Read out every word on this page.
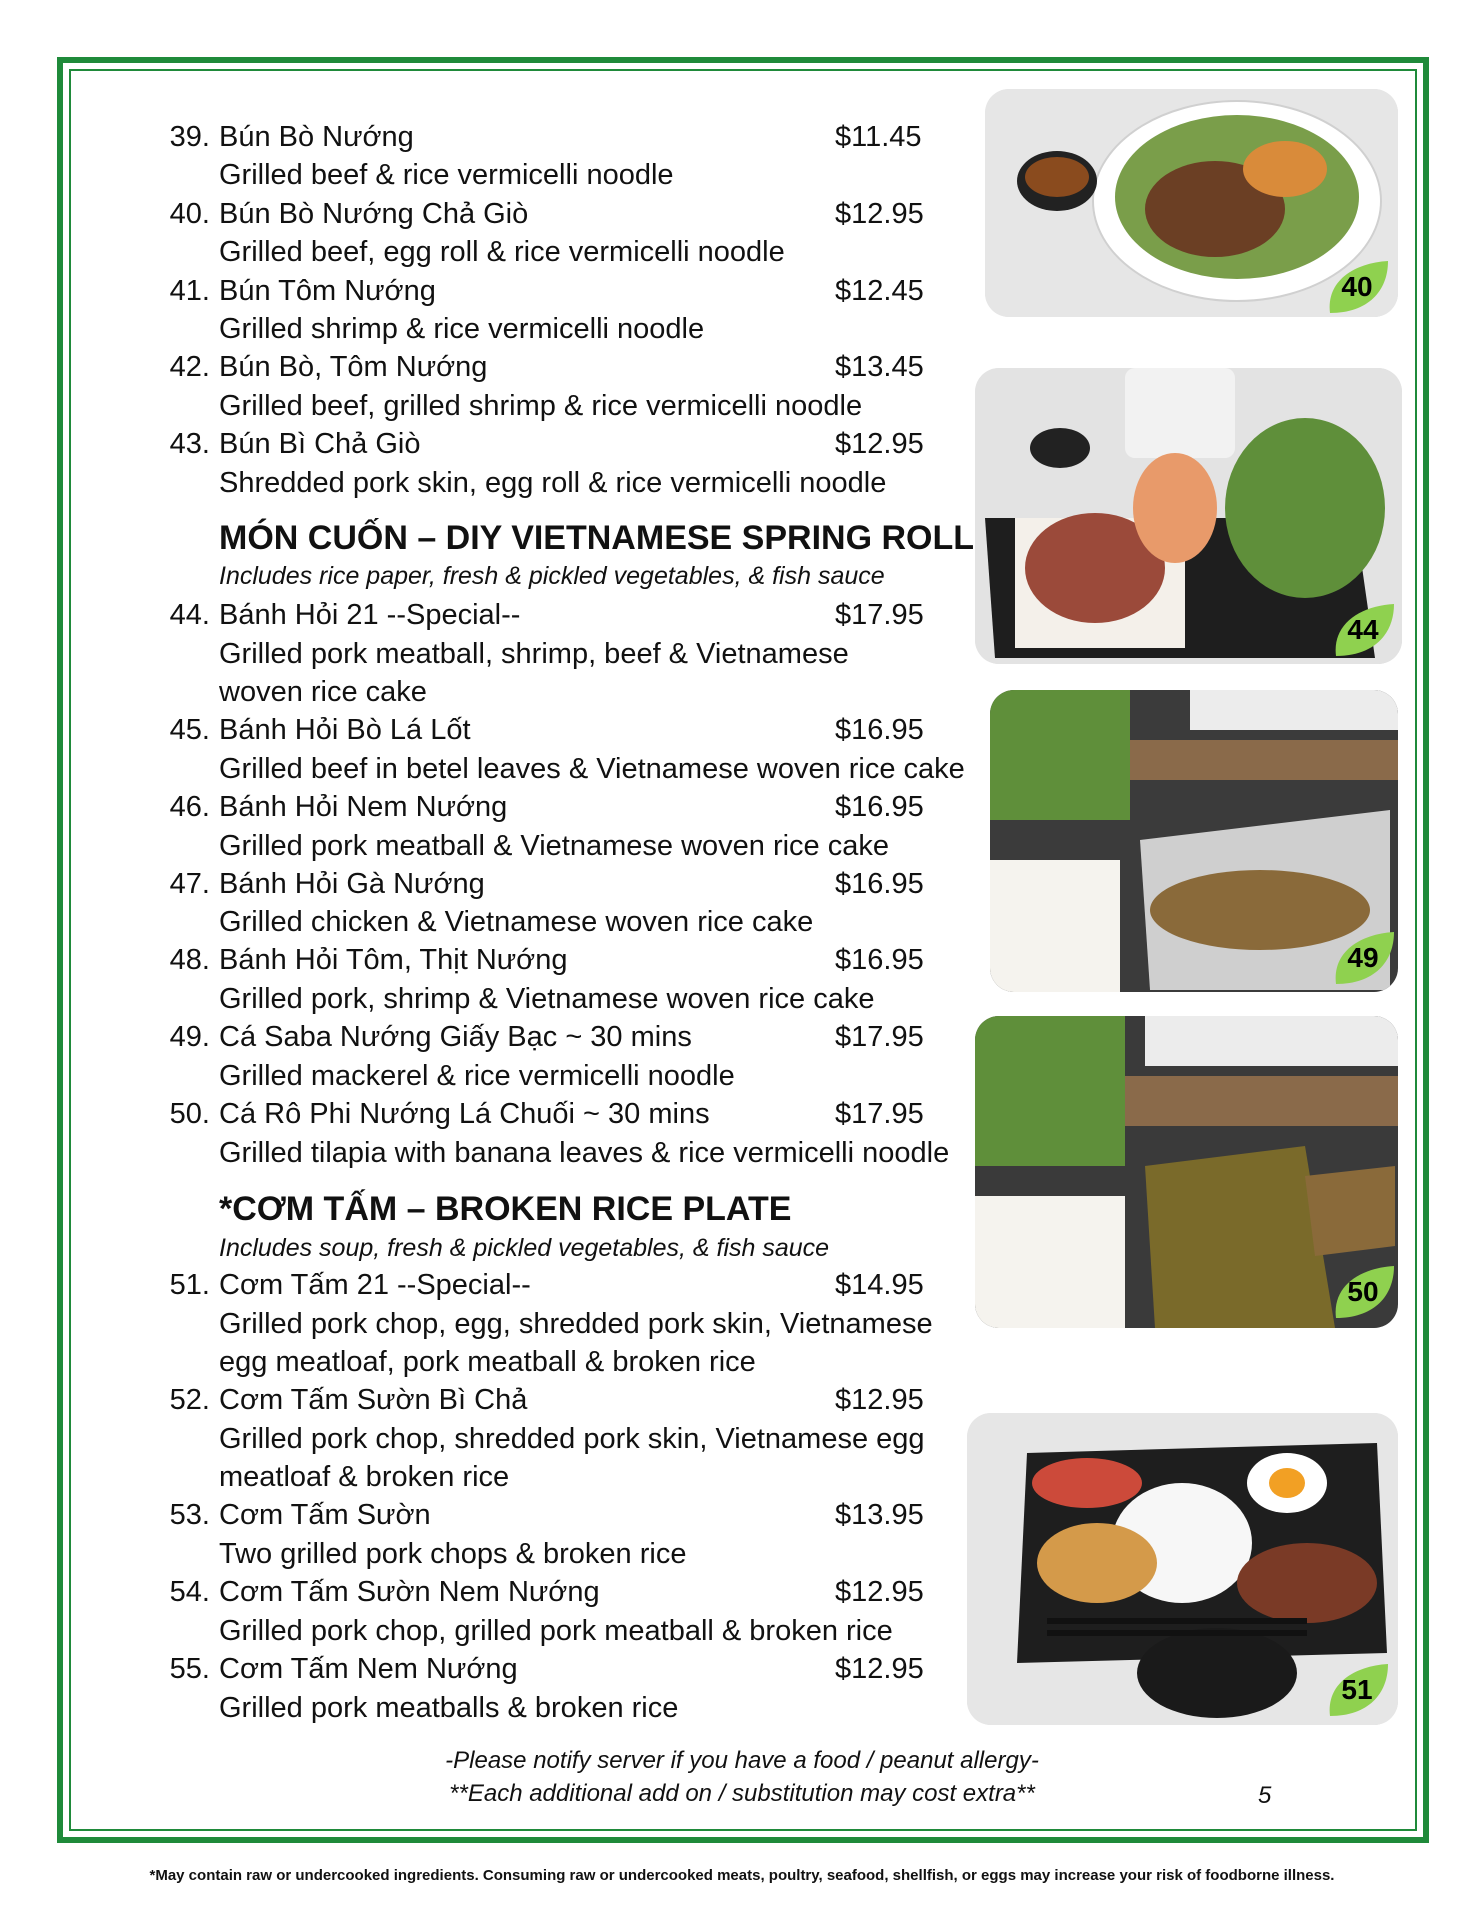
39. Bún Bò Nướng	$11.45
Grilled beef & rice vermicelli noodle
40. Bún Bò Nướng Chả Giò	$12.95
Grilled beef, egg roll & rice vermicelli noodle
41. Bún Tôm Nướng	$12.45
Grilled shrimp & rice vermicelli noodle
42. Bún Bò, Tôm Nướng	$13.45
Grilled beef, grilled shrimp & rice vermicelli noodle
43. Bún Bì Chả Giò	$12.95
Shredded pork skin, egg roll & rice vermicelli noodle
MÓN CUỐN – DIY VIETNAMESE SPRING ROLL
Includes rice paper, fresh & pickled vegetables, & fish sauce
44. Bánh Hỏi 21 --Special--	$17.95
Grilled pork meatball, shrimp, beef & Vietnamese
woven rice cake
45. Bánh Hỏi Bò Lá Lốt	$16.95
Grilled beef in betel leaves & Vietnamese woven rice cake
46. Bánh Hỏi Nem Nướng	$16.95
Grilled pork meatball & Vietnamese woven rice cake
47. Bánh Hỏi Gà Nướng	$16.95
Grilled chicken & Vietnamese woven rice cake
48. Bánh Hỏi Tôm, Thịt Nướng	$16.95
Grilled pork, shrimp & Vietnamese woven rice cake
49. Cá Saba Nướng Giấy Bạc ~ 30 mins	$17.95
Grilled mackerel & rice vermicelli noodle
50. Cá Rô Phi Nướng Lá Chuối ~ 30 mins	$17.95
Grilled tilapia with banana leaves & rice vermicelli noodle
*CƠM TẤM – BROKEN RICE PLATE
Includes soup, fresh & pickled vegetables, & fish sauce
51. Cơm Tấm 21 --Special--	$14.95
Grilled pork chop, egg, shredded pork skin, Vietnamese
egg meatloaf, pork meatball & broken rice
52. Cơm Tấm Sườn Bì Chả	$12.95
Grilled pork chop, shredded pork skin, Vietnamese egg
meatloaf & broken rice
53. Cơm Tấm Sườn	$13.95
Two grilled pork chops & broken rice
54. Cơm Tấm Sườn Nem Nướng	$12.95
Grilled pork chop, grilled pork meatball & broken rice
55. Cơm Tấm Nem Nướng	$12.95
Grilled pork meatballs & broken rice
40
44
49
50
51
-Please notify server if you have a food / peanut allergy-
**Each additional add on / substitution may cost extra**	5
*May contain raw or undercooked ingredients. Consuming raw or undercooked meats, poultry, seafood, shellfish, or eggs may increase your risk of foodborne illness.
